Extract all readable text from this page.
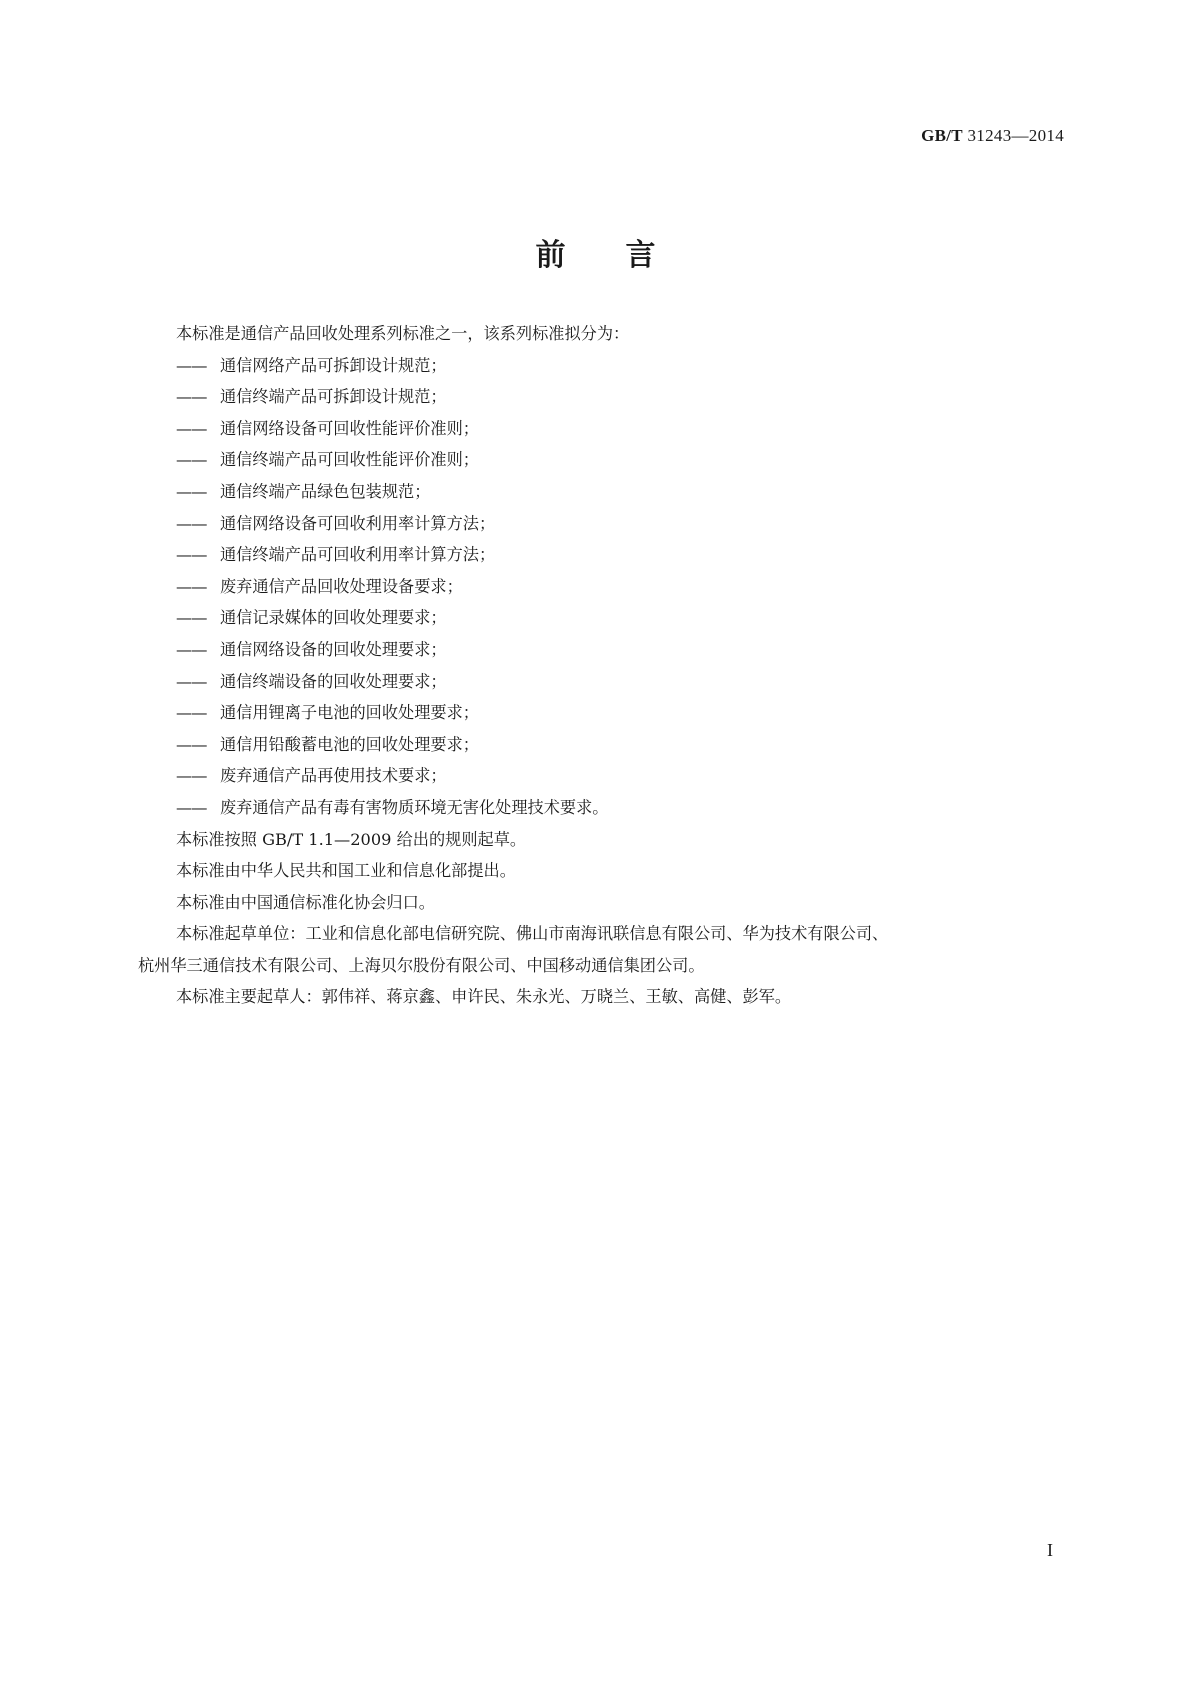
GB/T 31243—2014
前言
本标准是通信产品回收处理系列标准之一，该系列标准拟分为：
—— 通信网络产品可拆卸设计规范；
—— 通信终端产品可拆卸设计规范；
—— 通信网络设备可回收性能评价准则；
—— 通信终端产品可回收性能评价准则；
—— 通信终端产品绿色包装规范；
—— 通信网络设备可回收利用率计算方法；
—— 通信终端产品可回收利用率计算方法；
—— 废弃通信产品回收处理设备要求；
—— 通信记录媒体的回收处理要求；
—— 通信网络设备的回收处理要求；
—— 通信终端设备的回收处理要求；
—— 通信用锂离子电池的回收处理要求；
—— 通信用铅酸蓄电池的回收处理要求；
—— 废弃通信产品再使用技术要求；
—— 废弃通信产品有毒有害物质环境无害化处理技术要求。
本标准按照 GB/T 1.1—2009 给出的规则起草。
本标准由中华人民共和国工业和信息化部提出。
本标准由中国通信标准化协会归口。
本标准起草单位：工业和信息化部电信研究院、佛山市南海讯联信息有限公司、华为技术有限公司、
杭州华三通信技术有限公司、上海贝尔股份有限公司、中国移动通信集团公司。
本标准主要起草人：郭伟祥、蒋京鑫、申许民、朱永光、万晓兰、王敏、高健、彭军。
I
